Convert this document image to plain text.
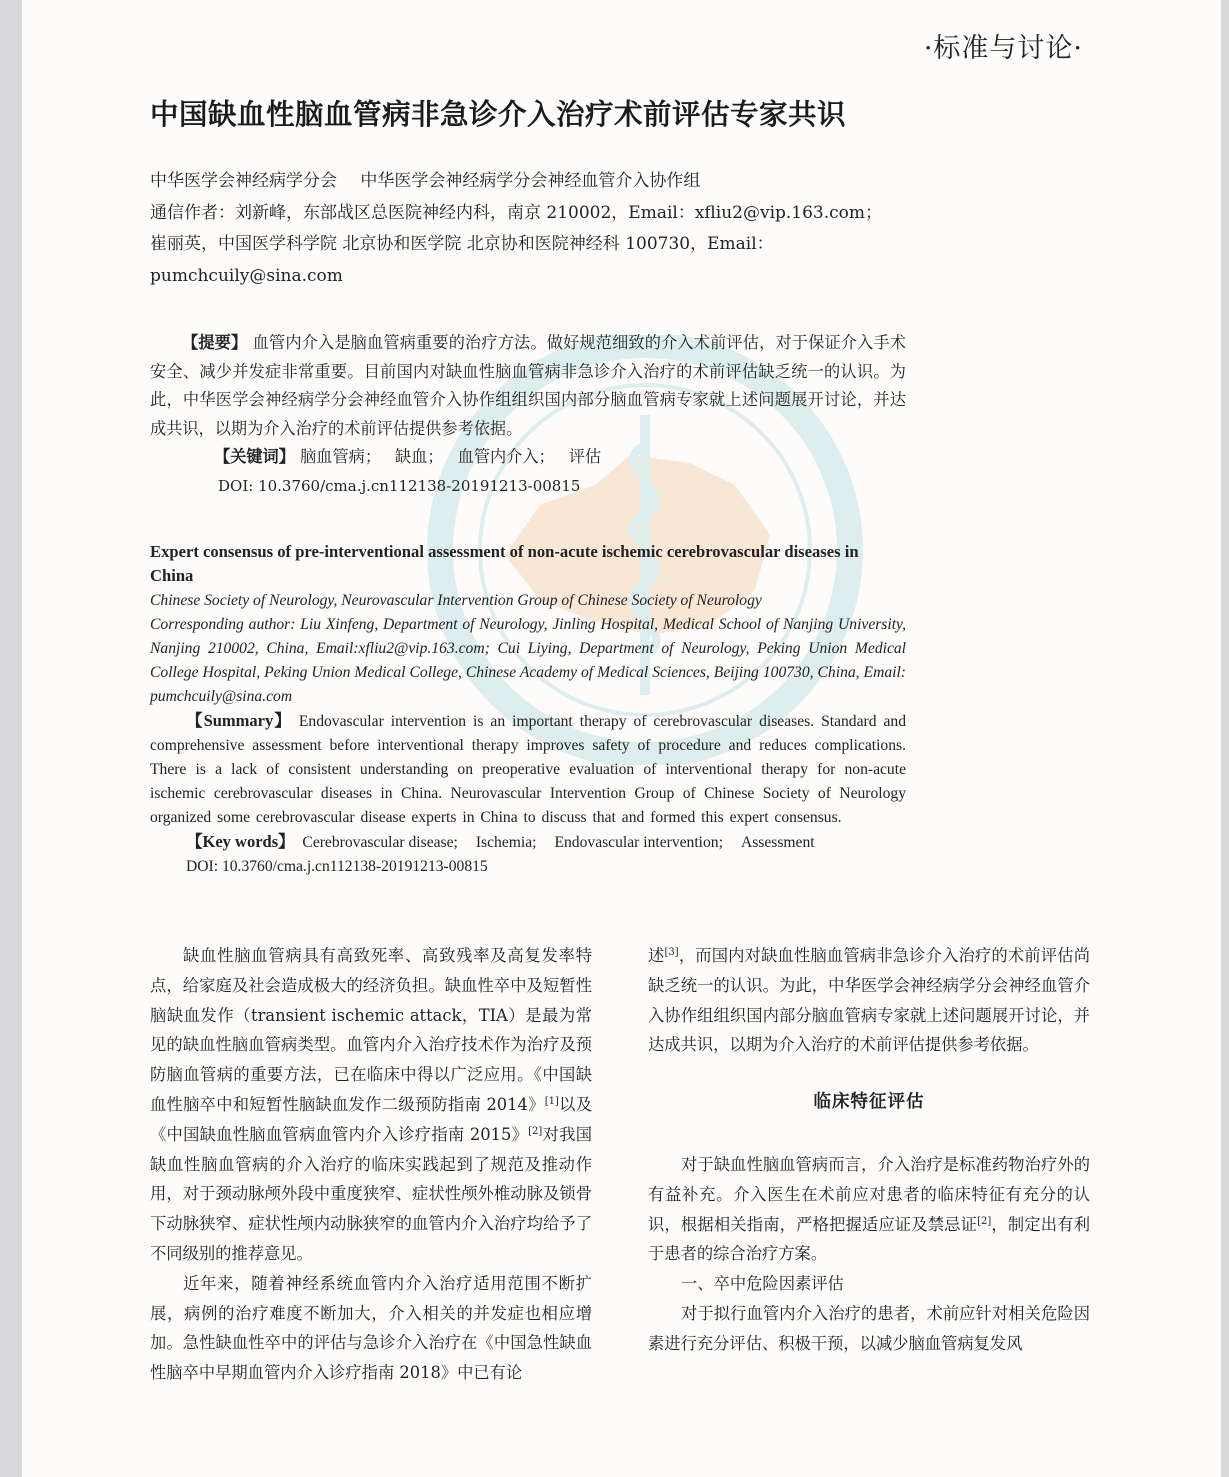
·标准与讨论·
中国缺血性脑血管病非急诊介入治疗术前评估专家共识
中华医学会神经病学分会 中华医学会神经病学分会神经血管介入协作组
通信作者：刘新峰，东部战区总医院神经内科，南京 210002，Email：xfliu2@vip.163.com；
崔丽英，中国医学科学院 北京协和医学院 北京协和医院神经科 100730，Email：
pumchcuily@sina.com

【提要】 血管内介入是脑血管病重要的治疗方法。做好规范细致的介入术前评估，对于保证介入手术安全、减少并发症非常重要。目前国内对缺血性脑血管病非急诊介入治疗的术前评估缺乏统一的认识。为此，中华医学会神经病学分会神经血管介入协作组组织国内部分脑血管病专家就上述问题展开讨论，并达成共识，以期为介入治疗的术前评估提供参考依据。

【关键词】 脑血管病； 缺血； 血管内介入； 评估

DOI: 10.3760/cma.j.cn112138-20191213-00815

Expert consensus of pre-interventional assessment of non-acute ischemic cerebrovascular diseases in China

Chinese Society of Neurology, Neurovascular Intervention Group of Chinese Society of Neurology

Corresponding author: Liu Xinfeng, Department of Neurology, Jinling Hospital, Medical School of Nanjing University, Nanjing 210002, China, Email:xfliu2@vip.163.com; Cui Liying, Department of Neurology, Peking Union Medical College Hospital, Peking Union Medical College, Chinese Academy of Medical Sciences, Beijing 100730, China, Email: pumchcuily@sina.com

【Summary】 Endovascular intervention is an important therapy of cerebrovascular diseases. Standard and comprehensive assessment before interventional therapy improves safety of procedure and reduces complications. There is a lack of consistent understanding on preoperative evaluation of interventional therapy for non-acute ischemic cerebrovascular diseases in China. Neurovascular Intervention Group of Chinese Society of Neurology organized some cerebrovascular disease experts in China to discuss that and formed this expert consensus.

【Key words】 Cerebrovascular disease; Ischemia; Endovascular intervention; Assessment

DOI: 10.3760/cma.j.cn112138-20191213-00815

缺血性脑血管病具有高致死率、高致残率及高复发率特点，给家庭及社会造成极大的经济负担。缺血性卒中及短暂性脑缺血发作（transient ischemic attack，TIA）是最为常见的缺血性脑血管病类型。血管内介入治疗技术作为治疗及预防脑血管病的重要方法，已在临床中得以广泛应用。《中国缺血性脑卒中和短暂性脑缺血发作二级预防指南 2014》[1]以及《中国缺血性脑血管病血管内介入诊疗指南 2015》[2]对我国缺血性脑血管病的介入治疗的临床实践起到了规范及推动作用，对于颈动脉颅外段中重度狭窄、症状性颅外椎动脉及锁骨下动脉狭窄、症状性颅内动脉狭窄的血管内介入治疗均给予了不同级别的推荐意见。

近年来，随着神经系统血管内介入治疗适用范围不断扩展，病例的治疗难度不断加大，介入相关的并发症也相应增加。急性缺血性卒中的评估与急诊介入治疗在《中国急性缺血性脑卒中早期血管内介入诊疗指南 2018》中已有论

述[3]，而国内对缺血性脑血管病非急诊介入治疗的术前评估尚缺乏统一的认识。为此，中华医学会神经病学分会神经血管介入协作组组织国内部分脑血管病专家就上述问题展开讨论，并达成共识，以期为介入治疗的术前评估提供参考依据。

临床特征评估

对于缺血性脑血管病而言，介入治疗是标准药物治疗外的有益补充。介入医生在术前应对患者的临床特征有充分的认识，根据相关指南，严格把握适应证及禁忌证[2]，制定出有利于患者的综合治疗方案。

一、卒中危险因素评估

对于拟行血管内介入治疗的患者，术前应针对相关危险因素进行充分评估、积极干预，以减少脑血管病复发风
